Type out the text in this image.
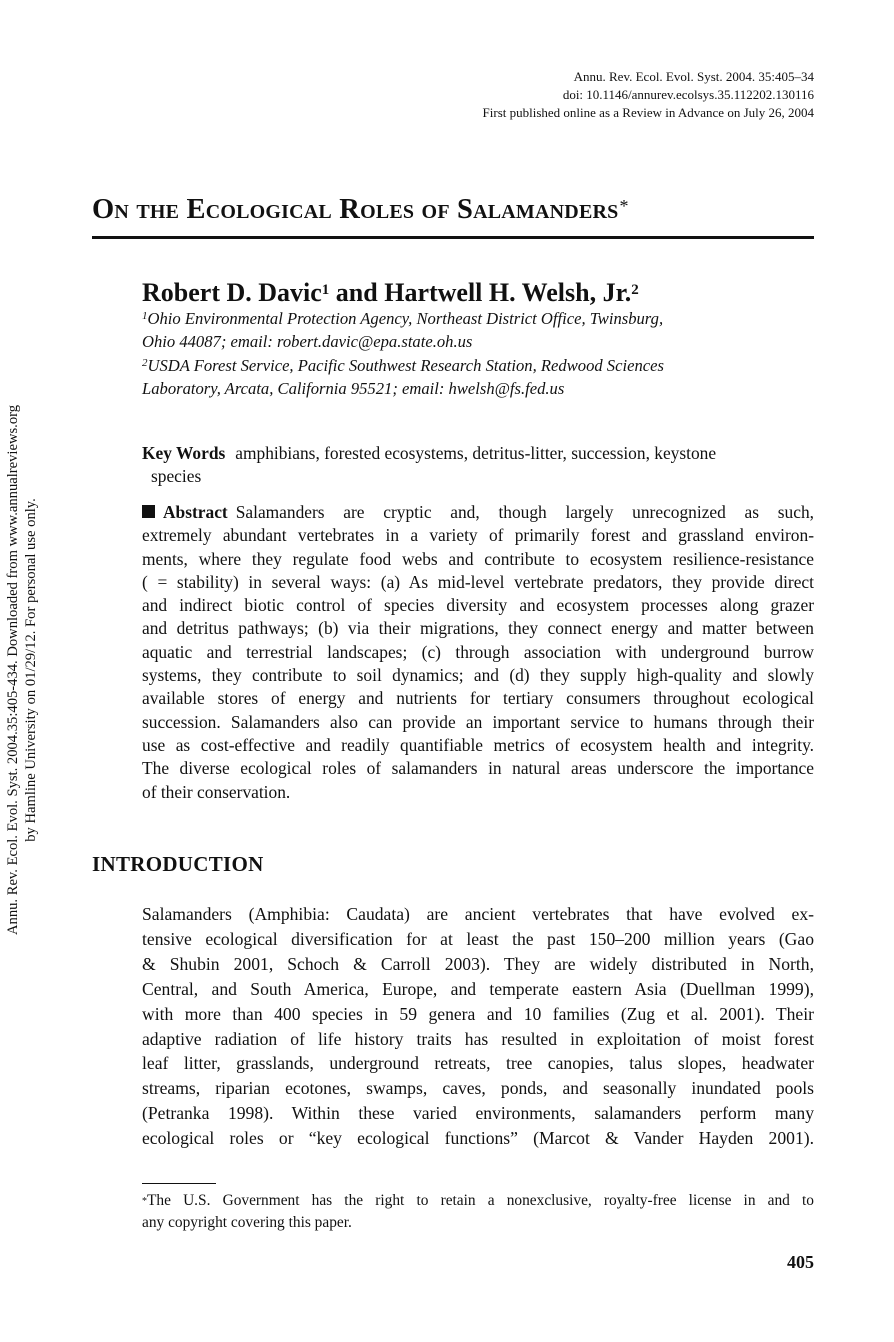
Annu. Rev. Ecol. Evol. Syst. 2004.35:405-434. Downloaded from www.annualreviews.org by Hamline University on 01/29/12. For personal use only.
Annu. Rev. Ecol. Evol. Syst. 2004. 35:405–34
doi: 10.1146/annurev.ecolsys.35.112202.130116
First published online as a Review in Advance on July 26, 2004
On the Ecological Roles of Salamanders*
Robert D. Davic$^1$ and Hartwell H. Welsh, Jr.$^2$
$^1$Ohio Environmental Protection Agency, Northeast District Office, Twinsburg,
Ohio 44087; email: robert.davic@epa.state.oh.us
$^2$USDA Forest Service, Pacific Southwest Research Station, Redwood Sciences
Laboratory, Arcata, California 95521; email: hwelsh@fs.fed.us
Key Words amphibians, forested ecosystems, detritus-litter, succession, keystone
species
Abstract Salamanders are cryptic and, though largely unrecognized as such,
extremely abundant vertebrates in a variety of primarily forest and grassland environ-
ments, where they regulate food webs and contribute to ecosystem resilience-resistance
( = stability) in several ways: (a) As mid-level vertebrate predators, they provide direct
and indirect biotic control of species diversity and ecosystem processes along grazer
and detritus pathways; (b) via their migrations, they connect energy and matter between
aquatic and terrestrial landscapes; (c) through association with underground burrow
systems, they contribute to soil dynamics; and (d) they supply high-quality and slowly
available stores of energy and nutrients for tertiary consumers throughout ecological
succession. Salamanders also can provide an important service to humans through their
use as cost-effective and readily quantifiable metrics of ecosystem health and integrity.
The diverse ecological roles of salamanders in natural areas underscore the importance
of their conservation.
INTRODUCTION
Salamanders (Amphibia: Caudata) are ancient vertebrates that have evolved ex-
tensive ecological diversification for at least the past 150–200 million years (Gao
& Shubin 2001, Schoch & Carroll 2003). They are widely distributed in North,
Central, and South America, Europe, and temperate eastern Asia (Duellman 1999),
with more than 400 species in 59 genera and 10 families (Zug et al. 2001). Their
adaptive radiation of life history traits has resulted in exploitation of moist forest
leaf litter, grasslands, underground retreats, tree canopies, talus slopes, headwater
streams, riparian ecotones, swamps, caves, ponds, and seasonally inundated pools
(Petranka 1998). Within these varied environments, salamanders perform many
ecological roles or “key ecological functions” (Marcot & Vander Hayden 2001).
*The U.S. Government has the right to retain a nonexclusive, royalty-free license in and to
any copyright covering this paper.
405
